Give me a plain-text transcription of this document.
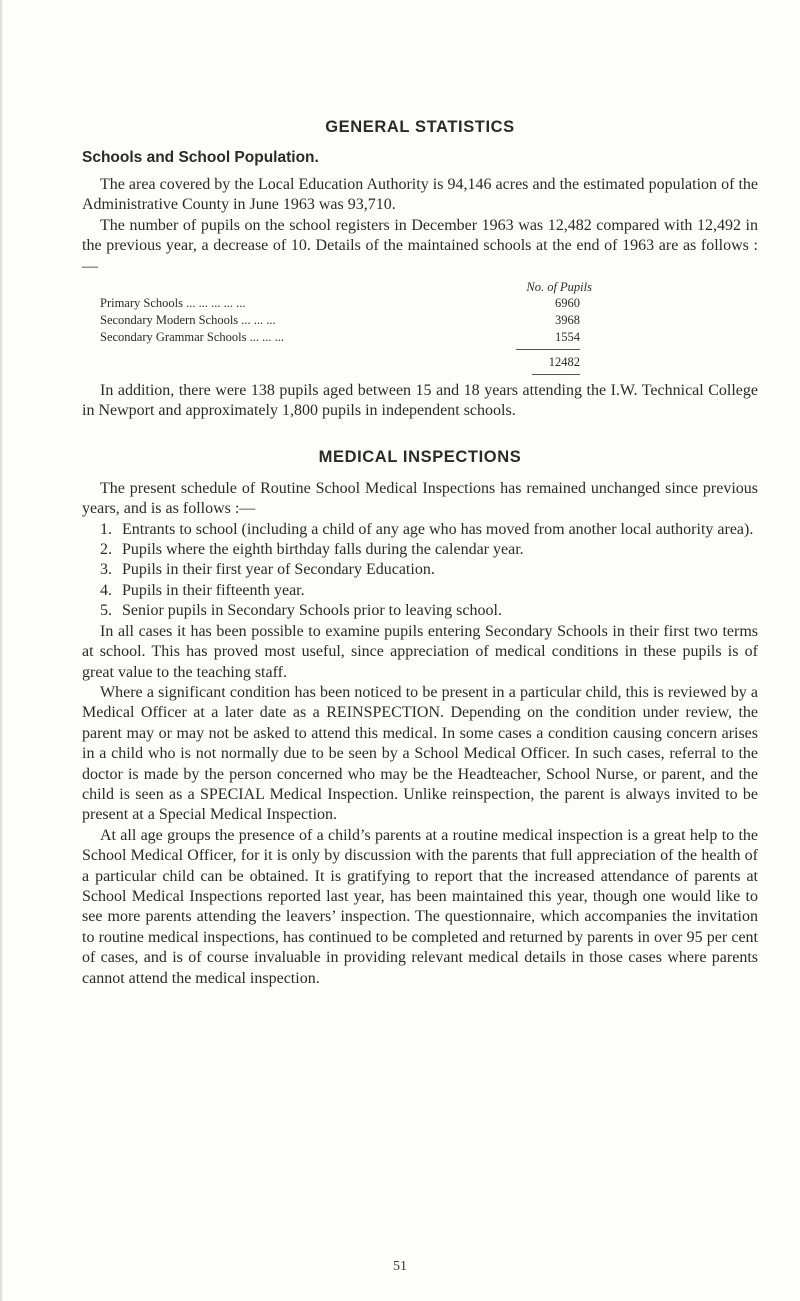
GENERAL STATISTICS
Schools and School Population.

The area covered by the Local Education Authority is 94,146 acres and the estimated population of the Administrative County in June 1963 was 93,710.

The number of pupils on the school registers in December 1963 was 12,482 compared with 12,492 in the previous year, a decrease of 10. Details of the maintained schools at the end of 1963 are as follows :—

No. of Pupils
Primary Schools ... ... ... ... ...	6960
Secondary Modern Schools ... ... ...	3968
Secondary Grammar Schools ... ... ...	1554
12482

In addition, there were 138 pupils aged between 15 and 18 years attending the I.W. Technical College in Newport and approximately 1,800 pupils in independent schools.

MEDICAL INSPECTIONS

The present schedule of Routine School Medical Inspections has remained unchanged since previous years, and is as follows :—

1. Entrants to school (including a child of any age who has moved from another local authority area).
2. Pupils where the eighth birthday falls during the calendar year.
3. Pupils in their first year of Secondary Education.
4. Pupils in their fifteenth year.
5. Senior pupils in Secondary Schools prior to leaving school.

In all cases it has been possible to examine pupils entering Secondary Schools in their first two terms at school. This has proved most useful, since appreciation of medical conditions in these pupils is of great value to the teaching staff.

Where a significant condition has been noticed to be present in a particular child, this is reviewed by a Medical Officer at a later date as a REINSPECTION. Depending on the condition under review, the parent may or may not be asked to attend this medical. In some cases a condition causing concern arises in a child who is not normally due to be seen by a School Medical Officer. In such cases, referral to the doctor is made by the person concerned who may be the Headteacher, School Nurse, or parent, and the child is seen as a SPECIAL Medical Inspection. Unlike reinspection, the parent is always invited to be present at a Special Medical Inspection.

At all age groups the presence of a child’s parents at a routine medical inspection is a great help to the School Medical Officer, for it is only by discussion with the parents that full appreciation of the health of a particular child can be obtained. It is gratifying to report that the increased attendance of parents at School Medical Inspections reported last year, has been maintained this year, though one would like to see more parents attending the leavers’ inspection. The questionnaire, which accompanies the invitation to routine medical inspections, has continued to be completed and returned by parents in over 95 per cent of cases, and is of course invaluable in providing relevant medical details in those cases where parents cannot attend the medical inspection.

51
